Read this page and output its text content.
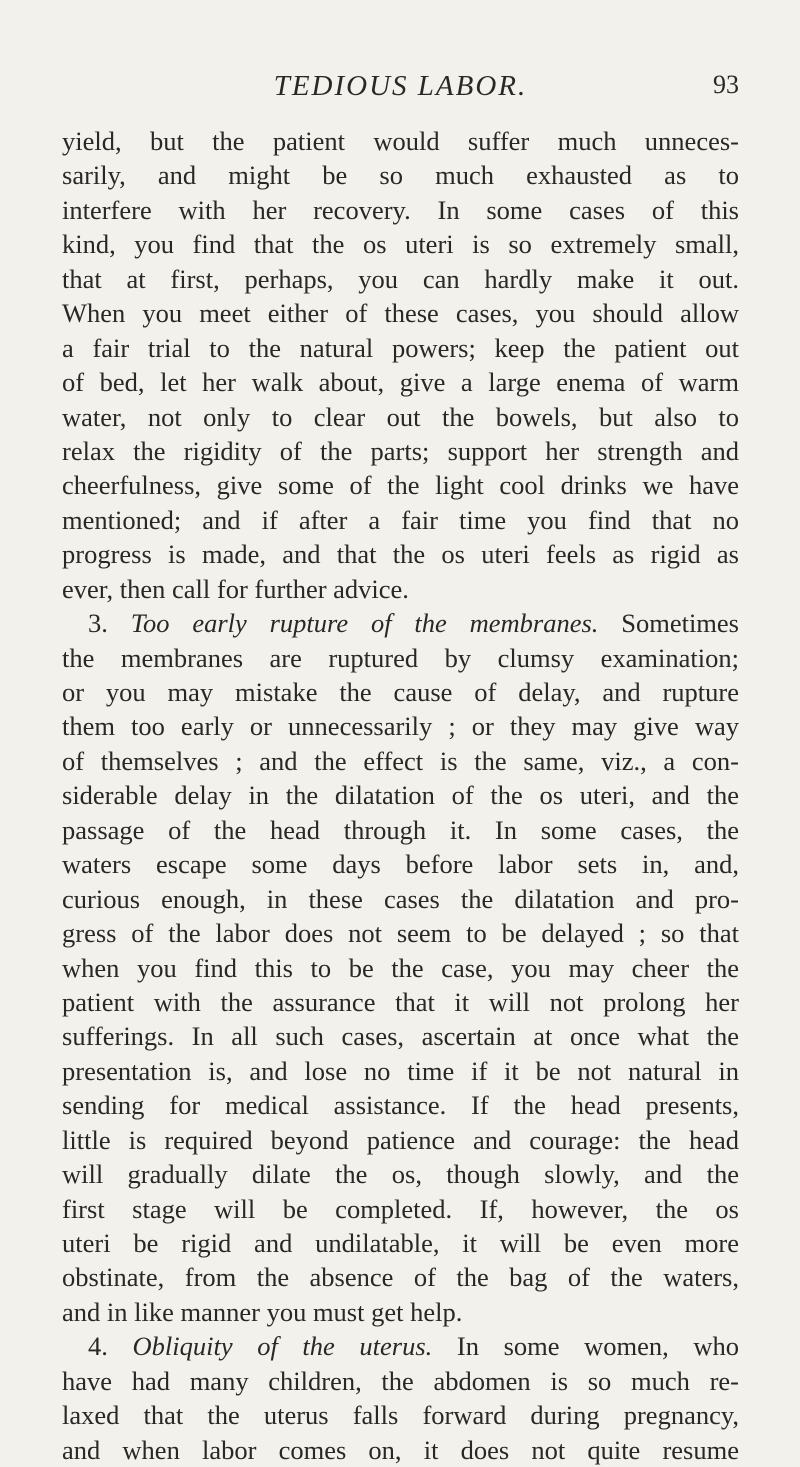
TEDIOUS LABOR.	93
yield, but the patient would suffer much unneces-
sarily, and might be so much exhausted as to
interfere with her recovery. In some cases of this
kind, you find that the os uteri is so extremely small,
that at first, perhaps, you can hardly make it out.
When you meet either of these cases, you should allow
a fair trial to the natural powers; keep the patient out
of bed, let her walk about, give a large enema of warm
water, not only to clear out the bowels, but also to
relax the rigidity of the parts; support her strength and
cheerfulness, give some of the light cool drinks we have
mentioned; and if after a fair time you find that no
progress is made, and that the os uteri feels as rigid as
ever, then call for further advice.
3. Too early rupture of the membranes. Sometimes
the membranes are ruptured by clumsy examination;
or you may mistake the cause of delay, and rupture
them too early or unnecessarily ; or they may give way
of themselves ; and the effect is the same, viz., a con-
siderable delay in the dilatation of the os uteri, and the
passage of the head through it. In some cases, the
waters escape some days before labor sets in, and,
curious enough, in these cases the dilatation and pro-
gress of the labor does not seem to be delayed ; so that
when you find this to be the case, you may cheer the
patient with the assurance that it will not prolong her
sufferings. In all such cases, ascertain at once what the
presentation is, and lose no time if it be not natural in
sending for medical assistance. If the head presents,
little is required beyond patience and courage: the head
will gradually dilate the os, though slowly, and the
first stage will be completed. If, however, the os
uteri be rigid and undilatable, it will be even more
obstinate, from the absence of the bag of the waters,
and in like manner you must get help.
4. Obliquity of the uterus. In some women, who
have had many children, the abdomen is so much re-
laxed that the uterus falls forward during pregnancy,
and when labor comes on, it does not quite resume
